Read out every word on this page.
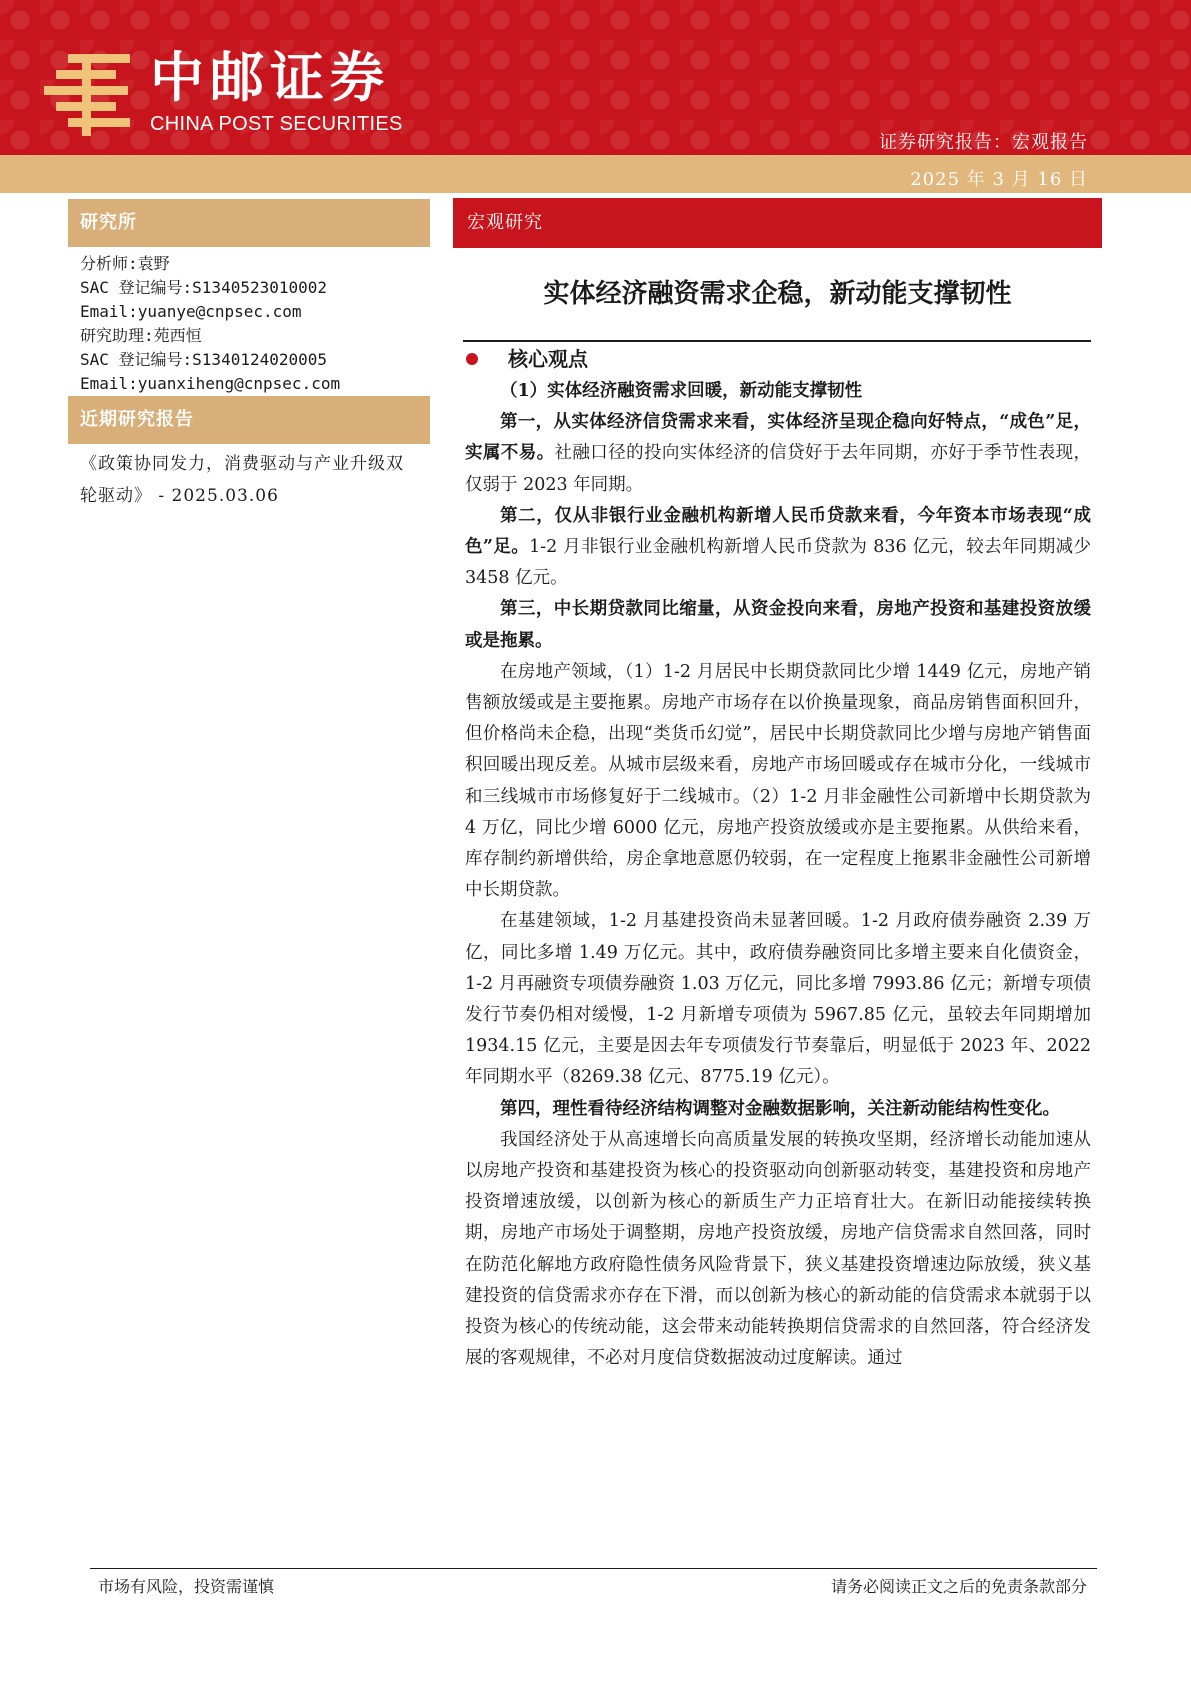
中邮证券
CHINA POST SECURITIES
证券研究报告：宏观报告
2025 年 3 月 16 日
研究所
分析师:袁野
SAC 登记编号:S1340523010002
Email:yuanye@cnpsec.com
研究助理:苑西恒
SAC 登记编号:S1340124020005
Email:yuanxiheng@cnpsec.com
近期研究报告
《政策协同发力，消费驱动与产业升级双轮驱动》 - 2025.03.06
宏观研究
实体经济融资需求企稳，新动能支撑韧性
核心观点

（1）实体经济融资需求回暖，新动能支撑韧性

第一，从实体经济信贷需求来看，实体经济呈现企稳向好特点，“成色”足，实属不易。社融口径的投向实体经济的信贷好于去年同期，亦好于季节性表现，仅弱于 2023 年同期。

第二，仅从非银行业金融机构新增人民币贷款来看，今年资本市场表现“成色”足。1-2 月非银行业金融机构新增人民币贷款为 836 亿元，较去年同期减少 3458 亿元。

第三，中长期贷款同比缩量，从资金投向来看，房地产投资和基建投资放缓或是拖累。

在房地产领域，（1）1-2 月居民中长期贷款同比少增 1449 亿元，房地产销售额放缓或是主要拖累。房地产市场存在以价换量现象，商品房销售面积回升，但价格尚未企稳，出现“类货币幻觉”，居民中长期贷款同比少增与房地产销售面积回暖出现反差。从城市层级来看，房地产市场回暖或存在城市分化，一线城市和三线城市市场修复好于二线城市。（2）1-2 月非金融性公司新增中长期贷款为 4 万亿，同比少增 6000 亿元，房地产投资放缓或亦是主要拖累。从供给来看，库存制约新增供给，房企拿地意愿仍较弱，在一定程度上拖累非金融性公司新增中长期贷款。

在基建领域，1-2 月基建投资尚未显著回暖。1-2 月政府债券融资 2.39 万亿，同比多增 1.49 万亿元。其中，政府债券融资同比多增主要来自化债资金，1-2 月再融资专项债券融资 1.03 万亿元，同比多增 7993.86 亿元；新增专项债发行节奏仍相对缓慢，1-2 月新增专项债为 5967.85 亿元，虽较去年同期增加 1934.15 亿元，主要是因去年专项债发行节奏靠后，明显低于 2023 年、2022 年同期水平（8269.38 亿元、8775.19 亿元）。

第四，理性看待经济结构调整对金融数据影响，关注新动能结构性变化。

我国经济处于从高速增长向高质量发展的转换攻坚期，经济增长动能加速从以房地产投资和基建投资为核心的投资驱动向创新驱动转变，基建投资和房地产投资增速放缓，以创新为核心的新质生产力正培育壮大。在新旧动能接续转换期，房地产市场处于调整期，房地产投资放缓，房地产信贷需求自然回落，同时在防范化解地方政府隐性债务风险背景下，狭义基建投资增速边际放缓，狭义基建投资的信贷需求亦存在下滑，而以创新为核心的新动能的信贷需求本就弱于以投资为核心的传统动能，这会带来动能转换期信贷需求的自然回落，符合经济发展的客观规律，不必对月度信贷数据波动过度解读。通过

市场有风险，投资需谨慎	请务必阅读正文之后的免责条款部分
